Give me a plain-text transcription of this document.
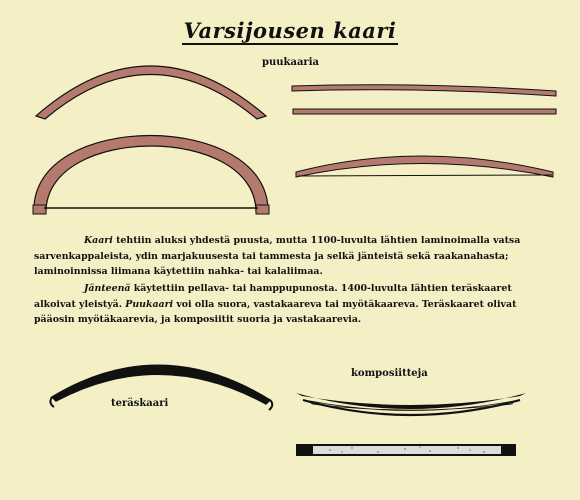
Varsijousen kaari
puukaaria

Kaari tehtiin aluksi yhdestä puusta, mutta 1100-luvulta lähtien laminoimalla vatsa sarvenkappaleista, ydin marjakuusesta tai tammesta ja selkä jänteistä sekä raakanahasta; laminoinnissa liimana käytettiin nahka- tai kalaliimaa.

Jänteenä käytettiin pellava- tai hamppupunosta. 1400-luvulta lähtien teräskaaret alkoivat yleistyä. Puukaari voi olla suora, vastakaareva tai myötäkaareva. Teräskaaret olivat pääosin myötäkaarevia, ja komposiitit suoria ja vastakaarevia.

teräskaari
komposiitteja
